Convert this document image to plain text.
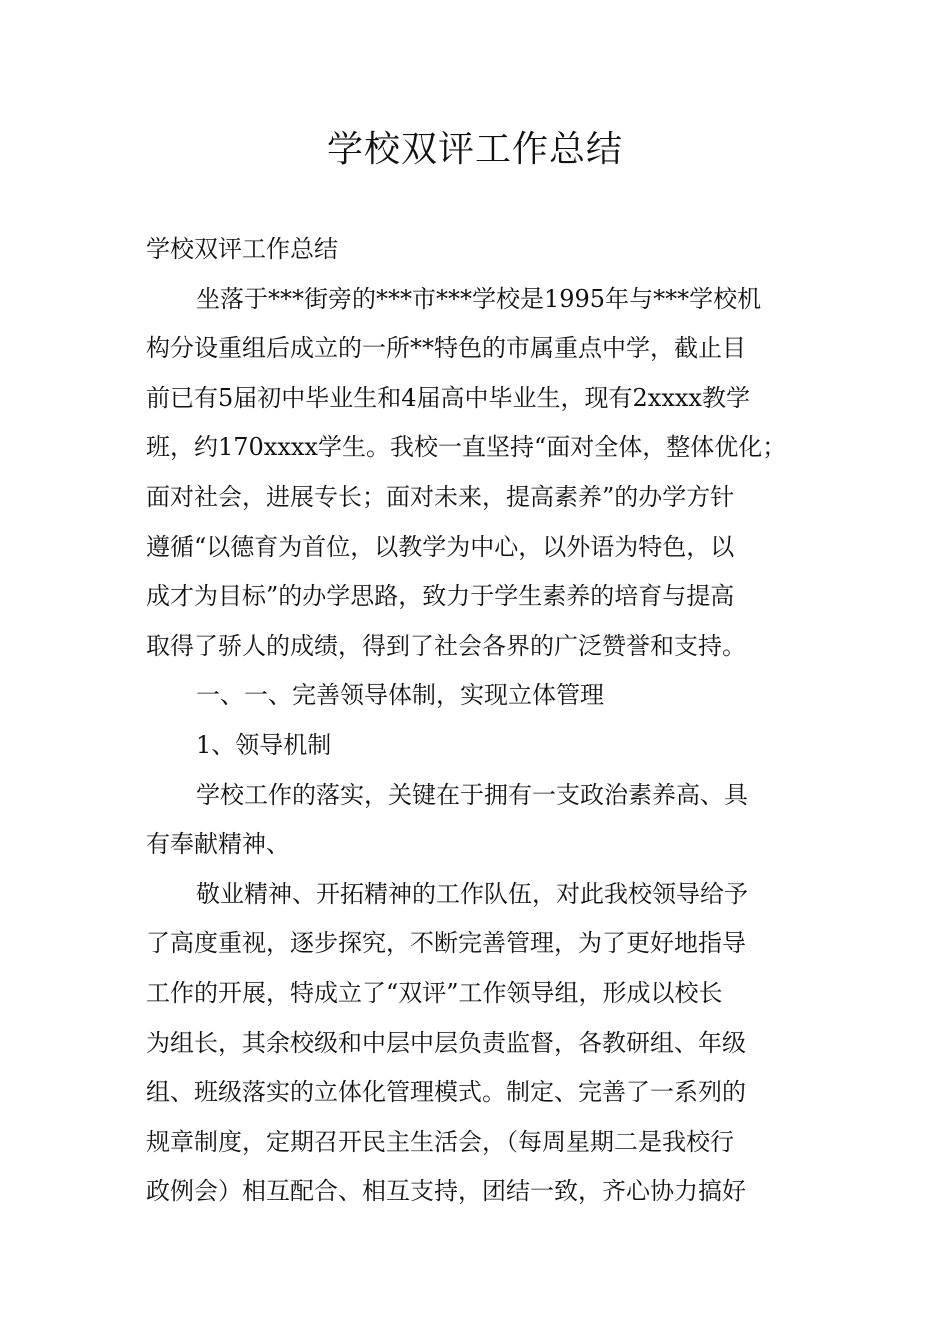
学校双评工作总结
学校双评工作总结
坐落于***街旁的***市***学校是1995年与***学校机
构分设重组后成立的一所**特色的市属重点中学，截止目
前已有5届初中毕业生和4届高中毕业生，现有2xxxx教学
班，约170xxxx学生。我校一直坚持“面对全体，整体优化；
面对社会，进展专长；面对未来，提高素养”的办学方针
遵循“以德育为首位，以教学为中心，以外语为特色，以
成才为目标”的办学思路，致力于学生素养的培育与提高
取得了骄人的成绩，得到了社会各界的广泛赞誉和支持。
一、一、完善领导体制，实现立体管理
1、领导机制
学校工作的落实，关键在于拥有一支政治素养高、具
有奉献精神、
敬业精神、开拓精神的工作队伍，对此我校领导给予
了高度重视，逐步探究，不断完善管理，为了更好地指导
工作的开展，特成立了“双评”工作领导组，形成以校长
为组长，其余校级和中层中层负责监督，各教研组、年级
组、班级落实的立体化管理模式。制定、完善了一系列的
规章制度，定期召开民主生活会，（每周星期二是我校行
政例会）相互配合、相互支持，团结一致，齐心协力搞好
